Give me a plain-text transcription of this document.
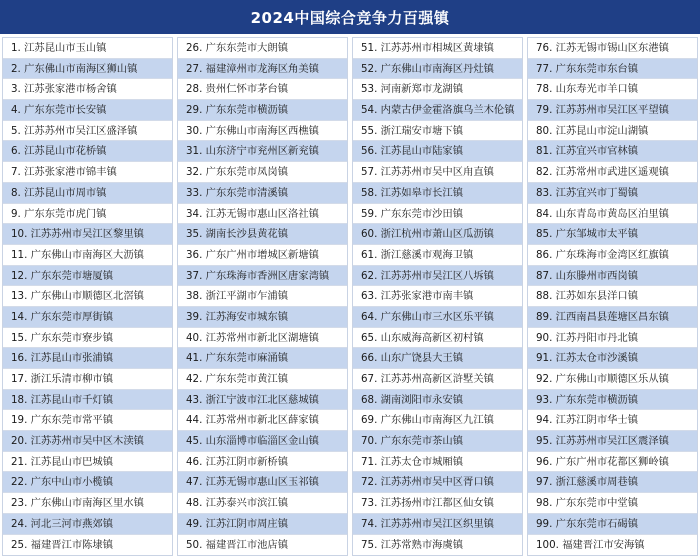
2024中国综合竞争力百强镇
1. 江苏昆山市玉山镇
2. 广东佛山市南海区狮山镇
3. 江苏张家港市杨舍镇
4. 广东东莞市长安镇
5. 江苏苏州市吴江区盛泽镇
6. 江苏昆山市花桥镇
7. 江苏张家港市锦丰镇
8. 江苏昆山市周市镇
9. 广东东莞市虎门镇
10. 江苏苏州市吴江区黎里镇
11. 广东佛山市南海区大沥镇
12. 广东东莞市塘厦镇
13. 广东佛山市顺德区北滘镇
14. 广东东莞市厚街镇
15. 广东东莞市寮步镇
16. 江苏昆山市张浦镇
17. 浙江乐清市柳市镇
18. 江苏昆山市千灯镇
19. 广东东莞市常平镇
20. 江苏苏州市吴中区木渎镇
21. 江苏昆山市巴城镇
22. 广东中山市小榄镇
23. 广东佛山市南海区里水镇
24. 河北三河市燕郊镇
25. 福建晋江市陈埭镇
26. 广东东莞市大朗镇
27. 福建漳州市龙海区角美镇
28. 贵州仁怀市茅台镇
29. 广东东莞市横沥镇
30. 广东佛山市南海区西樵镇
31. 山东济宁市兖州区新兖镇
32. 广东东莞市凤岗镇
33. 广东东莞市清溪镇
34. 江苏无锡市惠山区洛社镇
35. 湖南长沙县黄花镇
36. 广东广州市增城区新塘镇
37. 广东珠海市香洲区唐家湾镇
38. 浙江平湖市乍浦镇
39. 江苏海安市城东镇
40. 江苏常州市新北区湖塘镇
41. 广东东莞市麻涌镇
42. 广东东莞市黄江镇
43. 浙江宁波市江北区慈城镇
44. 江苏常州市新北区薛家镇
45. 山东淄博市临淄区金山镇
46. 江苏江阴市新桥镇
47. 江苏无锡市惠山区玉祁镇
48. 江苏泰兴市滨江镇
49. 江苏江阴市周庄镇
50. 福建晋江市池店镇
51. 江苏苏州市相城区黄埭镇
52. 广东佛山市南海区丹灶镇
53. 河南新郑市龙湖镇
54. 内蒙古伊金霍洛旗乌兰木伦镇
55. 浙江瑞安市塘下镇
56. 江苏昆山市陆家镇
57. 江苏苏州市吴中区甪直镇
58. 江苏如皋市长江镇
59. 广东东莞市沙田镇
60. 浙江杭州市萧山区瓜沥镇
61. 浙江慈溪市观海卫镇
62. 江苏苏州市吴江区八坼镇
63. 江苏张家港市南丰镇
64. 广东佛山市三水区乐平镇
65. 山东威海高新区初村镇
66. 山东广饶县大王镇
67. 江苏苏州高新区浒墅关镇
68. 湖南浏阳市永安镇
69. 广东佛山市南海区九江镇
70. 广东东莞市茶山镇
71. 江苏太仓市城厢镇
72. 江苏苏州市吴中区胥口镇
73. 江苏扬州市江都区仙女镇
74. 江苏苏州市吴江区织里镇
75. 江苏常熟市海虞镇
76. 江苏无锡市锡山区东港镇
77. 广东东莞市东台镇
78. 山东寿光市羊口镇
79. 江苏苏州市吴江区平望镇
80. 江苏昆山市淀山湖镇
81. 江苏宜兴市官林镇
82. 江苏常州市武进区遥观镇
83. 江苏宜兴市丁蜀镇
84. 山东青岛市黄岛区泊里镇
85. 广东邹城市太平镇
86. 广东珠海市金湾区红旗镇
87. 山东滕州市西岗镇
88. 江苏如东县洋口镇
89. 江西南昌县莲塘区昌东镇
90. 江苏丹阳市丹北镇
91. 江苏太仓市沙溪镇
92. 广东佛山市顺德区乐从镇
93. 广东东莞市横沥镇
94. 江苏江阴市华士镇
95. 江苏苏州市吴江区震泽镇
96. 广东广州市花都区狮岭镇
97. 浙江慈溪市周巷镇
98. 广东东莞市中堂镇
99. 广东东莞市石碣镇
100. 福建晋江市安海镇
